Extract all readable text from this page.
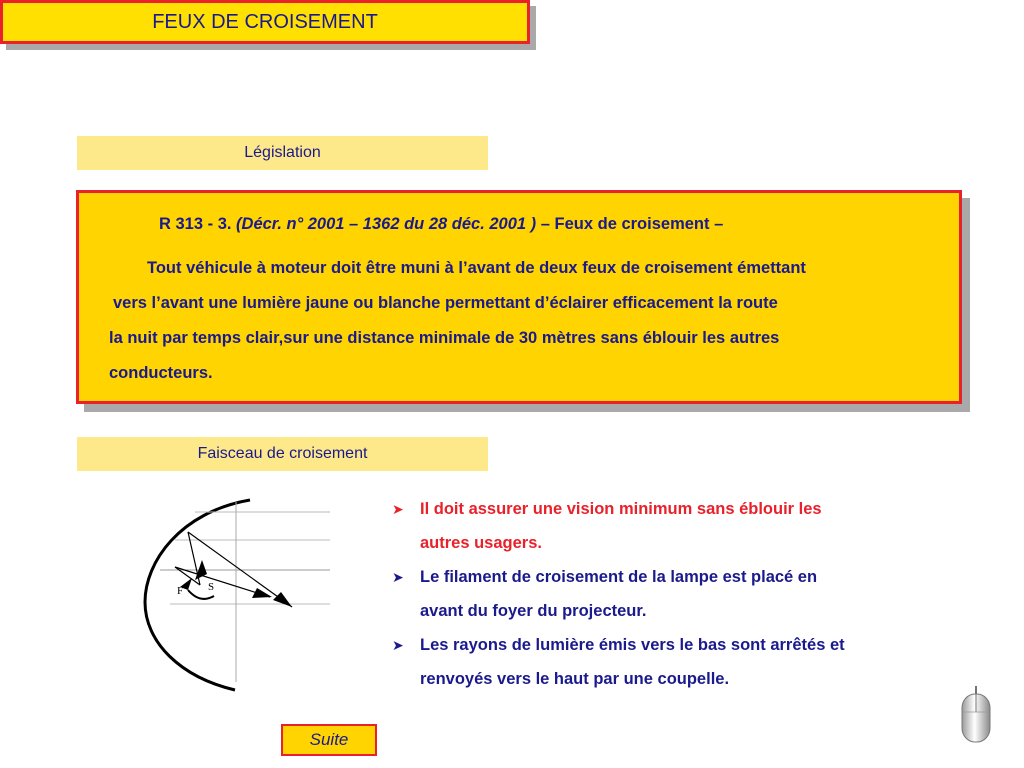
FEUX DE CROISEMENT
Législation
R 313 - 3. (Décr. n° 2001 – 1362 du 28 déc. 2001 ) – Feux de croisement –
Tout véhicule à moteur doit être muni à l’avant de deux feux de croisement émettant
vers l’avant une lumière jaune ou blanche permettant d’éclairer efficacement la route
la nuit par temps clair,sur une distance minimale de 30 mètres sans éblouir les autres
conducteurs.
Faisceau de croisement
F S
➤ Il doit assurer une vision minimum sans éblouir les
autres usagers.
➤ Le filament de croisement de la lampe est placé en
avant du foyer du projecteur.
➤ Les rayons de lumière émis vers le bas sont arrêtés et
renvoyés vers le haut par une coupelle.
Suite
